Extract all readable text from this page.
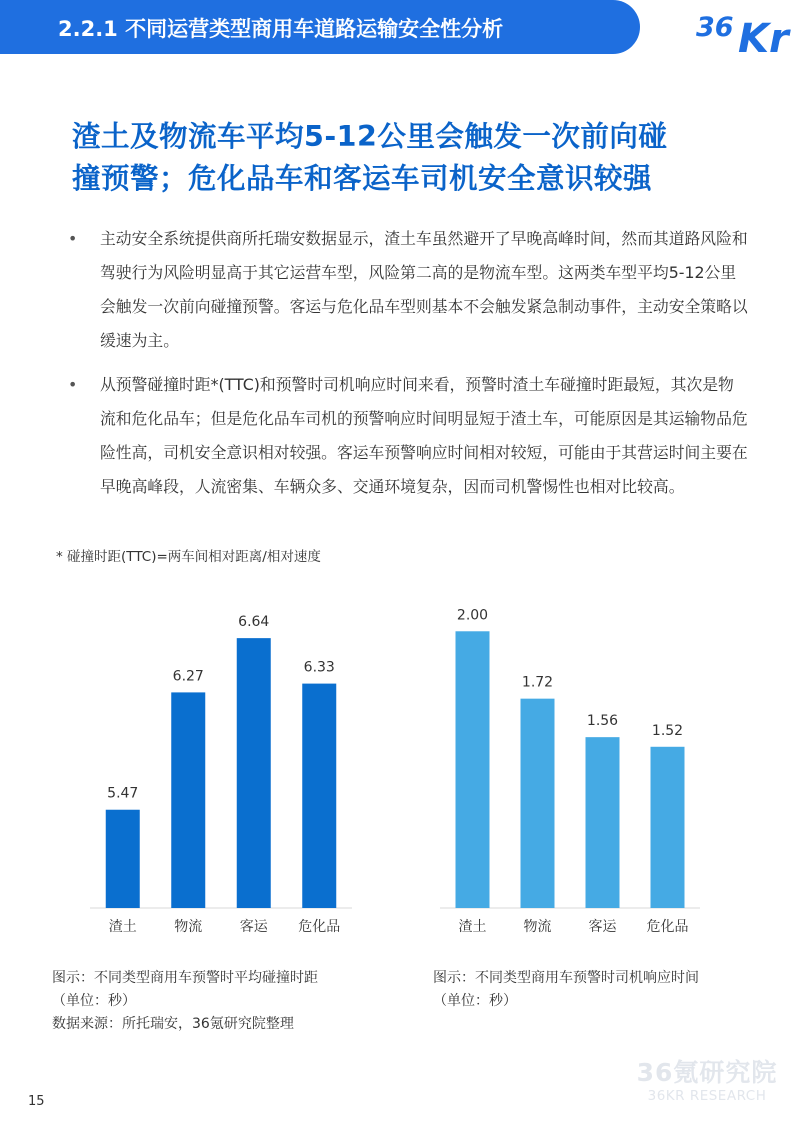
2.2.1 不同运营类型商用车道路运输安全性分析	36 Kr
渣土及物流车平均5-12公里会触发一次前向碰
撞预警；危化品车和客运车司机安全意识较强
• 主动安全系统提供商所托瑞安数据显示，渣土车虽然避开了早晚高峰时间，然而其道路风险和驾驶行为风险明显高于其它运营车型，风险第二高的是物流车型。这两类车型平均5-12公里会触发一次前向碰撞预警。客运与危化品车型则基本不会触发紧急制动事件，主动安全策略以缓速为主。
• 从预警碰撞时距*(TTC)和预警时司机响应时间来看，预警时渣土车碰撞时距最短，其次是物流和危化品车；但是危化品车司机的预警响应时间明显短于渣土车，可能原因是其运输物品危险性高，司机安全意识相对较强。客运车预警响应时间相对较短，可能由于其营运时间主要在早晚高峰段，人流密集、车辆众多、交通环境复杂，因而司机警惕性也相对比较高。
* 碰撞时距(TTC)=两车间相对距离/相对速度
5.47
渣土
6.27
物流
6.64
客运
6.33
危化品
2.00
渣土
1.72
物流
1.56
客运
1.52
危化品
图示：不同类型商用车预警时平均碰撞时距
（单位：秒）
数据来源：所托瑞安，36氪研究院整理
图示：不同类型商用车预警时司机响应时间
（单位：秒）
15
36氪研究院
36KR RESEARCH
